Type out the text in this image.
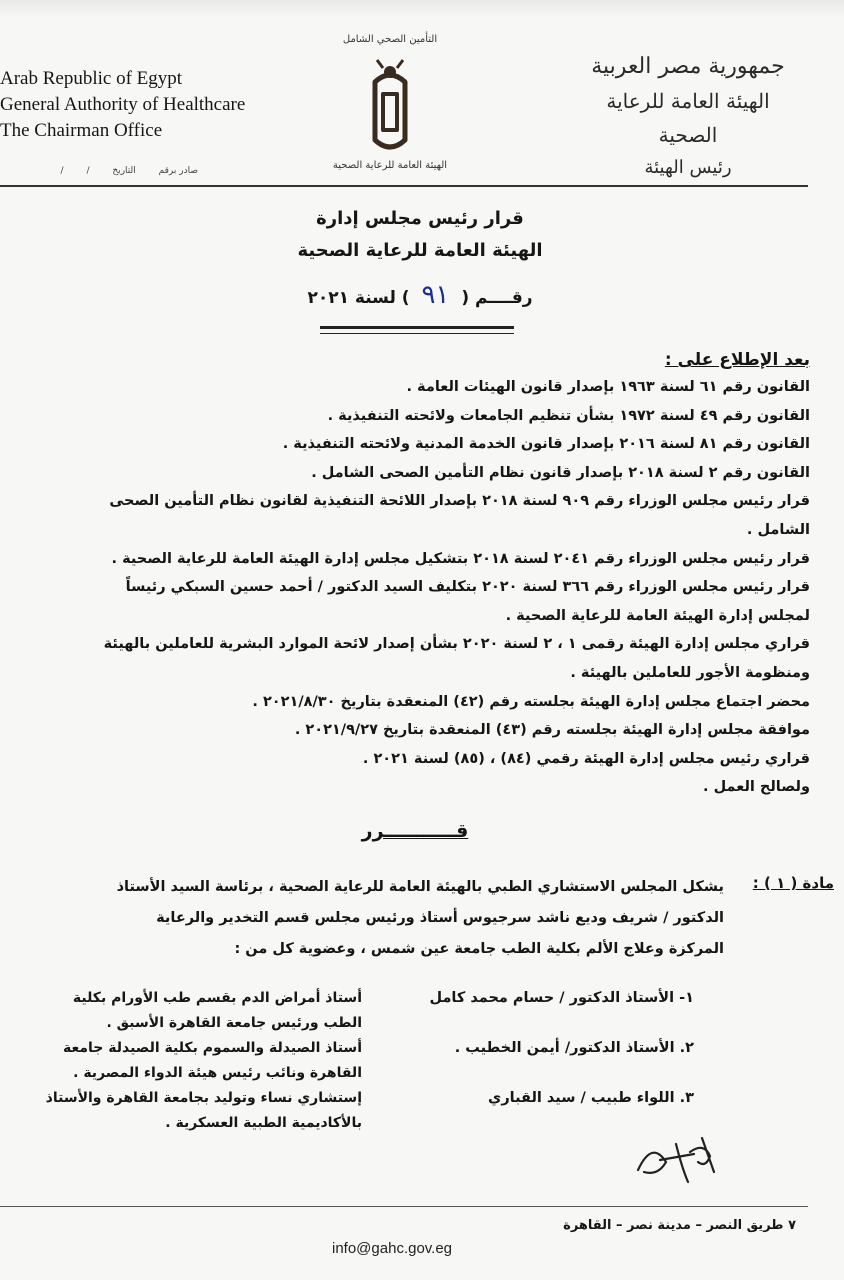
Arab Republic of Egypt
General Authority of Healthcare
The Chairman Office
صادر برقم التاريخ / /
التأمين الصحي الشامل
الهيئة العامة للرعاية الصحية
جمهورية مصر العربية
الهيئة العامة للرعاية الصحية
رئيس الهيئة
قرار رئيس مجلس إدارة
الهيئة العامة للرعاية الصحية
رقــــم ( ٩١ ) لسنة ٢٠٢١
بعد الإطلاع على :
القانون رقم ٦١ لسنة ١٩٦٣ بإصدار قانون الهيئات العامة .
القانون رقم ٤٩ لسنة ١٩٧٢ بشأن تنظيم الجامعات ولائحته التنفيذية .
القانون رقم ٨١ لسنة ٢٠١٦ بإصدار قانون الخدمة المدنية ولائحته التنفيذية .
القانون رقم ٢ لسنة ٢٠١٨ بإصدار قانون نظام التأمين الصحى الشامل .
قرار رئيس مجلس الوزراء رقم ٩٠٩ لسنة ٢٠١٨ بإصدار اللائحة التنفيذية لقانون نظام التأمين الصحى
الشامل .
قرار رئيس مجلس الوزراء رقم ٢٠٤١ لسنة ٢٠١٨ بتشكيل مجلس إدارة الهيئة العامة للرعاية الصحية .
قرار رئيس مجلس الوزراء رقم ٣٦٦ لسنة ٢٠٢٠ بتكليف السيد الدكتور / أحمد حسين السبكي رئيساً
لمجلس إدارة الهيئة العامة للرعاية الصحية .
قراري مجلس إدارة الهيئة رقمى ١ ، ٢ لسنة ٢٠٢٠ بشأن إصدار لائحة الموارد البشرية للعاملين بالهيئة
ومنظومة الأجور للعاملين بالهيئة .
محضر اجتماع مجلس إدارة الهيئة بجلسته رقم (٤٢) المنعقدة بتاريخ ٢٠٢١/٨/٣٠ .
موافقة مجلس إدارة الهيئة بجلسته رقم (٤٣) المنعقدة بتاريخ ٢٠٢١/٩/٢٧ .
قراري رئيس مجلس إدارة الهيئة رقمي (٨٤) ، (٨٥) لسنة ٢٠٢١ .
ولصالح العمل .
قـــــــــــرر
مادة ( ١ ) :
يشكل المجلس الاستشاري الطبي بالهيئة العامة للرعاية الصحية ، برئاسة السيد الأستاذ
الدكتور / شريف وديع ناشد سرجيوس أستاذ ورئيس مجلس قسم التخدير والرعاية
المركزة وعلاج الألم بكلية الطب جامعة عين شمس ، وعضوية كل من :
١- الأستاذ الدكتور / حسام محمد كامل
أستاذ أمراض الدم بقسم طب الأورام بكلية
الطب ورئيس جامعة القاهرة الأسبق .
٢. الأستاذ الدكتور/ أيمن الخطيب .
أستاذ الصيدلة والسموم بكلية الصيدلة جامعة
القاهرة ونائب رئيس هيئة الدواء المصرية .
٣. اللواء طبيب / سيد القباري
إستشاري نساء وتوليد بجامعة القاهرة والأستاذ
بالأكاديمية الطبية العسكرية .
٧ طريق النصر – مدينة نصر – القاهرة
info@gahc.gov.eg
